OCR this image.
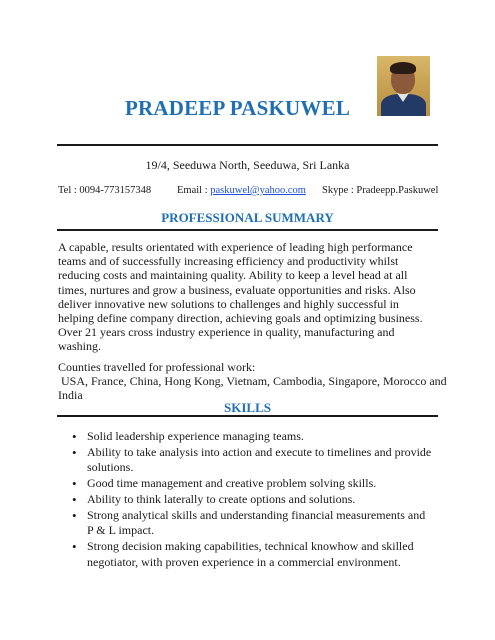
PRADEEP PASKUWEL
19/4, Seeduwa North, Seeduwa, Sri Lanka
Tel : 0094-773157348 Email : paskuwel@yahoo.com Skype : Pradeepp.Paskuwel
PROFESSIONAL SUMMARY
A capable, results orientated with experience of leading high performance
teams and of successfully increasing efficiency and productivity whilst
reducing costs and maintaining quality. Ability to keep a level head at all
times, nurtures and grow a business, evaluate opportunities and risks. Also
deliver innovative new solutions to challenges and highly successful in
helping define company direction, achieving goals and optimizing business.
Over 21 years cross industry experience in quality, manufacturing and
washing.
Counties travelled for professional work:
USA, France, China, Hong Kong, Vietnam, Cambodia, Singapore, Morocco and
India
SKILLS
• Solid leadership experience managing teams.
• Ability to take analysis into action and execute to timelines and provide
solutions.
• Good time management and creative problem solving skills.
• Ability to think laterally to create options and solutions.
• Strong analytical skills and understanding financial measurements and
P & L impact.
• Strong decision making capabilities, technical knowhow and skilled
negotiator, with proven experience in a commercial environment.
